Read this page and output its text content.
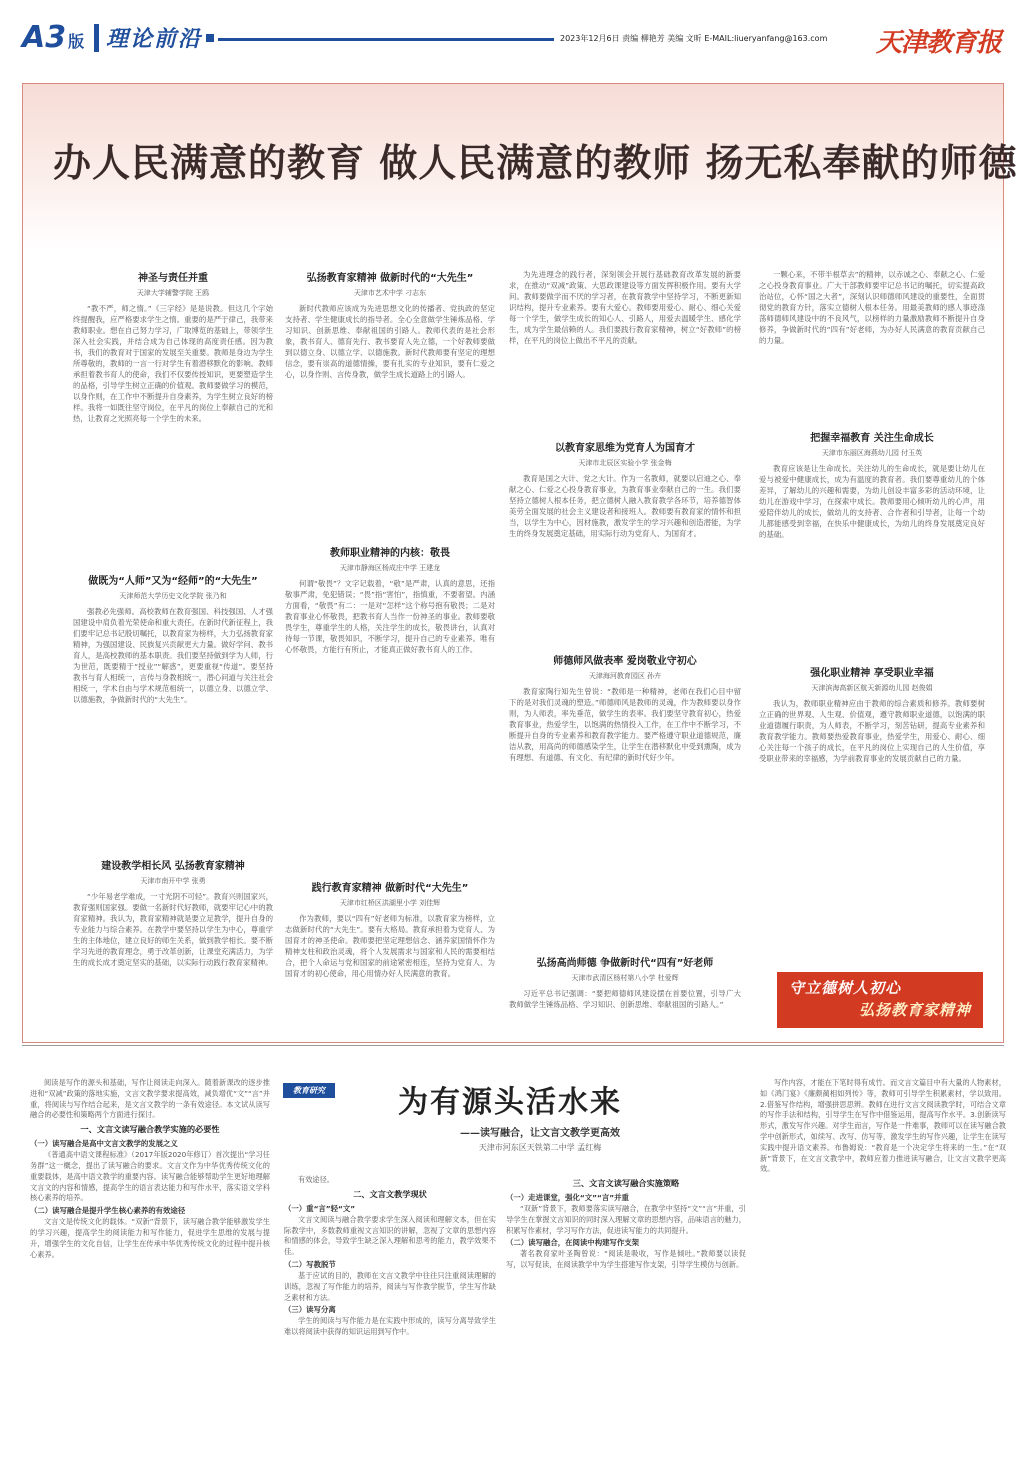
A3 版 理论前沿	2023年12月6日 责编 柳艳芳 美编 文昕 E-MAIL:liueryanfang@163.com 天津教育报
办人民满意的教育 做人民满意的教师 扬无私奉献的师德
神圣与责任并重
天津大学辅警学院 王鸥
“教不严，师之惰。”《三字经》是是说教。但这几个字始终提醒我，应严格要求学生之惰。重要的是严于律己，我带来教师职业。想在自己努力学习，广取博览的基础上，带领学生深入社会实践，并结合成为自己体现的高度责任感。因为教书，我们的教育对于国家的发展至关重要。教师是身边为学生所尊敬的，教师的一言一行对学生有着潜移默化的影响。教师承担着教书育人的使命，我们不仅要传授知识，更要塑造学生的品格，引导学生树立正确的价值观。教师要做学习的模范，以身作则，在工作中不断提升自身素养，为学生树立良好的榜样。我将一如既往坚守岗位，在平凡的岗位上奉献自己的光和热，让教育之光照亮每一个学生的未来。
做既为“人师”又为“经师”的“大先生”
天津师范大学历史文化学院 张乃和
强教必先强师。高校教师在教育强国、科技强国、人才强国建设中肩负着光荣使命和重大责任。在新时代新征程上，我们要牢记总书记殷切嘱托，以教育家为榜样，大力弘扬教育家精神，为强国建设、民族复兴贡献更大力量。做好学问、教书育人，是高校教师的基本职责。我们要坚持做到学为人师，行为世范，既要精于“授业”“解惑”，更要重视“传道”。要坚持教书与育人相统一，言传与身教相统一，潜心问道与关注社会相统一，学术自由与学术规范相统一，以德立身、以德立学、以德施教，争做新时代的“大先生”。
建设教学相长风 弘扬教育家精神
天津市南开中学 张勇
“少年易老学难成，一寸光阴不可轻”。教育兴则国家兴，教育强则国家强。要做一名新时代好教师，就要牢记心中的教育家精神。我认为，教育家精神就是要立足教学，提升自身的专业能力与综合素养。在教学中要坚持以学生为中心，尊重学生的主体地位，建立良好的师生关系，做到教学相长。要不断学习先进的教育理念，勇于改革创新，让课堂充满活力，为学生的成长成才奠定坚实的基础，以实际行动践行教育家精神。
弘扬教育家精神 做新时代的“大先生”
天津市艺术中学 刁志东
新时代教师应该成为先进思想文化的传播者、党执政的坚定支持者、学生健康成长的指导者。全心全意做学生锤炼品格、学习知识、创新思维、奉献祖国的引路人。教师代表的是社会形象，教书育人、德育先行、教书要育人先立德，一个好教师要做到以德立身、以德立学、以德施教。新时代教师要有坚定的理想信念，要有崇高的道德情操，要有扎实的专业知识，要有仁爱之心，以身作则、言传身教，做学生成长道路上的引路人。
教师职业精神的内核：敬畏
天津市静海区杨成庄中学 王建龙
何谓“敬畏”？文字记载着，“敬”是严肃，认真的意思，还指敬事严肃，免犯错误；“畏”指“害怕”，指慎重，不要奢望。内涵方面看，“敬畏”有二：一是对“怎样”这个称号抱有敬畏；二是对教育事业心怀敬畏，把教书育人当作一份神圣的事业。教师要敬畏学生，尊重学生的人格，关注学生的成长，敬畏讲台，认真对待每一节课，敬畏知识，不断学习，提升自己的专业素养。唯有心怀敬畏，方能行有所止，才能真正做好教书育人的工作。
践行教育家精神 做新时代“大先生”
天津市红桥区洪湖里小学 刘佳辉
作为教师，要以“四有”好老师为标准，以教育家为榜样，立志做新时代的“大先生”。要有大格局。教育承担着为党育人、为国育才的神圣使命。教师要把坚定理想信念、涵养家国情怀作为精神支柱和政治灵魂，将个人发展需求与国家和人民的需要相结合，把个人命运与党和国家的前途紧密相连，坚持为党育人、为国育才的初心使命，用心用情办好人民满意的教育。
为先进理念的践行者，深刻领会开展行基础教育改革发展的新要求，在推动“双减”政策、大思政课建设等方面发挥积极作用。要有大学问。教师要做学而不厌的学习者，在教育教学中坚持学习，不断更新知识结构，提升专业素养。要有大爱心。教师要用爱心、耐心、细心关爱每一个学生，做学生成长的知心人、引路人，用爱去温暖学生、感化学生，成为学生最信赖的人。我们要践行教育家精神，树立“好教师”的榜样，在平凡的岗位上做出不平凡的贡献。
以教育家思维为党育人为国育才
天津市北辰区实验小学 张金梅
教育是国之大计、党之大计。作为一名教师，就要以启迪之心、奉献之心、仁爱之心投身教育事业，为教育事业奉献自己的一生。我们要坚持立德树人根本任务，把立德树人融入教育教学各环节，培养德智体美劳全面发展的社会主义建设者和接班人。教师要有教育家的情怀和担当，以学生为中心，因材施教，激发学生的学习兴趣和创造潜能，为学生的终身发展奠定基础，用实际行动为党育人、为国育才。
师德师风做表率 爱岗敬业守初心
天津海河教育园区 孙卉
教育家陶行知先生曾说：“教师是一种精神，老师在我们心目中留下的是对我们灵魂的塑造。”师德师风是教师的灵魂，作为教师要以身作则，为人师表，率先垂范，做学生的表率。我们要坚守教育初心，热爱教育事业，热爱学生，以饱满的热情投入工作，在工作中不断学习，不断提升自身的专业素养和教育教学能力。要严格遵守职业道德规范，廉洁从教，用高尚的师德感染学生，让学生在潜移默化中受到熏陶，成为有理想、有道德、有文化、有纪律的新时代好少年。
弘扬高尚师德 争做新时代“四有”好老师
天津市武清区杨村第八小学 杜爱辉
习近平总书记强调：“要把师德师风建设摆在首要位置，引导广大教师做学生锤炼品格、学习知识、创新思维、奉献祖国的引路人。”
一颗心来，不带半根草去”的精神，以赤诚之心、奉献之心、仁爱之心投身教育事业。广大干部教师要牢记总书记的嘱托，切实提高政治站位，心怀“国之大者”，深刻认识师德师风建设的重要性，全面贯彻党的教育方针，落实立德树人根本任务。用最美教师的感人事迹涤荡师德师风建设中的不良风气，以榜样的力量激励教师不断提升自身修养，争做新时代的“四有”好老师，为办好人民满意的教育贡献自己的力量。
把握幸福教育 关注生命成长
天津市东丽区海燕幼儿园 付玉英
教育应该是让生命成长。关注幼儿的生命成长，就是要让幼儿在爱与被爱中健康成长，成为有温度的教育者。我们要尊重幼儿的个体差异，了解幼儿的兴趣和需要，为幼儿创设丰富多彩的活动环境，让幼儿在游戏中学习，在探索中成长。教师要用心倾听幼儿的心声，用爱陪伴幼儿的成长，做幼儿的支持者、合作者和引导者，让每一个幼儿都能感受到幸福，在快乐中健康成长，为幼儿的终身发展奠定良好的基础。
强化职业精神 享受职业幸福
天津滨海高新区航天新源幼儿园 赵俊娟
我认为，教师职业精神应由于教师的综合素质和修养。教师要树立正确的世界观、人生观、价值观，遵守教师职业道德，以饱满的职业道德履行职责，为人师表，不断学习，刻苦钻研，提高专业素养和教育教学能力。教师要热爱教育事业，热爱学生，用爱心、耐心、细心关注每一个孩子的成长，在平凡的岗位上实现自己的人生价值，享受职业带来的幸福感，为学前教育事业的发展贡献自己的力量。
守立德树人初心
弘扬教育家精神
教育研究	为有源头活水来
——读写融合，让文言文教学更高效
天津市河东区天铁第二中学 孟红梅
阅读是写作的源头和基础，写作让阅读走向深入。随着新课改的逐步推进和“双减”政策的落地实施，文言文教学要求提高效，减负增优“文”“言”并重，将阅读与写作结合起来，是文言文教学的一条有效途径。本文试从读写融合的必要性和策略两个方面进行探讨。
一、文言文读写融合教学实施的必要性
（一）读写融合是高中文言文教学的发展之义
《普通高中语文课程标准》（2017年版2020年修订）首次提出“学习任务群”这一概念，提出了读写融合的要求。文言文作为中华优秀传统文化的重要载体，是高中语文教学的重要内容。读写融合能够帮助学生更好地理解文言文的内容和情感，提高学生的语言表达能力和写作水平，落实语文学科核心素养的培养。
（二）读写融合是提升学生核心素养的有效途径
文言文是传统文化的载体。“双新”背景下，读写融合教学能够激发学生的学习兴趣，提高学生的阅读能力和写作能力，促进学生思维的发展与提升，增强学生的文化自信，让学生在传承中华优秀传统文化的过程中提升核心素养。
有效途径。
二、文言文教学现状
（一）重“言”轻“文”
文言文阅读与融合教学要求学生深入阅读和理解文本，但在实际教学中，多数教师重视文言知识的讲解，忽视了文章的思想内容和情感的体会，导致学生缺乏深入理解和思考的能力，教学效果不佳。
（二）写教脱节
基于应试的目的，教师在文言文教学中往往只注重阅读理解的训练，忽视了写作能力的培养，阅读与写作教学脱节，学生写作缺乏素材和方法。
（三）读写分离
学生的阅读与写作能力是在实践中形成的，读写分离导致学生难以将阅读中获得的知识运用到写作中。
三、文言文读写融合实施策略
（一）走进课堂，强化“文”“言”并重
“双新”背景下，教师要落实读写融合，在教学中坚持“文”“言”并重，引导学生在掌握文言知识的同时深入理解文章的思想内容，品味语言的魅力，积累写作素材，学习写作方法，促进读写能力的共同提升。
（二）读写融合，在阅读中构建写作支架
著名教育家叶圣陶曾说：“阅读是吸收，写作是倾吐。”教师要以读促写，以写促读，在阅读教学中为学生搭建写作支架，引导学生模仿与创新。
写作内容，才能在下笔时得有成竹。而文言文篇目中有大量的人物素材，如《鸿门宴》《廉颇蔺相如列传》等，教师可引导学生积累素材，学以致用。2.借鉴写作结构，增强拼思思辨。教师在进行文言文阅读教学时，可结合文章的写作手法和结构，引导学生在写作中借鉴运用，提高写作水平。3.创新读写形式，激发写作兴趣。对学生而言，写作是一件难事，教师可以在读写融合教学中创新形式，如续写、改写、仿写等，激发学生的写作兴趣，让学生在读写实践中提升语文素养。布鲁姆说：“教育是一个决定学生将来的一生。”在“双新”背景下，在文言文教学中，教师应着力推进读写融合，让文言文教学更高效。
